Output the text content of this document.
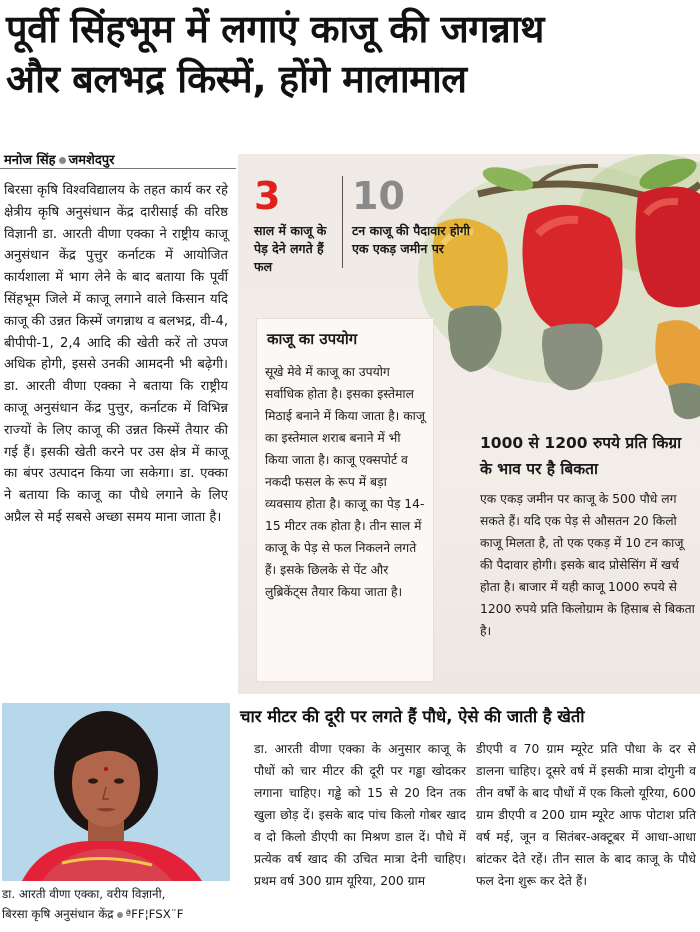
पूर्वी सिंहभूम में लगाएं काजू की जगन्नाथ
और बलभद्र किस्में, होंगे मालामाल
मनोज सिंह जमशेदपुर
बिरसा कृषि विश्वविद्यालय के तहत कार्य कर रहे क्षेत्रीय कृषि अनुसंधान केंद्र दारीसाई की वरिष्ठ विज्ञानी डा. आरती वीणा एक्का ने राष्ट्रीय काजू अनुसंधान केंद्र पुत्तुर कर्नाटक में आयोजित कार्यशाला में भाग लेने के बाद बताया कि पूर्वी सिंहभूम जिले में काजू लगाने वाले किसान यदि काजू की उन्नत किस्में जगन्नाथ व बलभद्र, वी-4, बीपीपी-1, 2,4 आदि की खेती करें तो उपज अधिक होगी, इससे उनकी आमदनी भी बढ़ेगी। डा. आरती वीणा एक्का ने बताया कि राष्ट्रीय काजू अनुसंधान केंद्र पुत्तुर, कर्नाटक में विभिन्न राज्यों के लिए काजू की उन्नत किस्में तैयार की गई हैं। इसकी खेती करने पर उस क्षेत्र में काजू का बंपर उत्पादन किया जा सकेगा। डा. एक्का ने बताया कि काजू का पौधे लगाने के लिए अप्रैल से मई सबसे अच्छा समय माना जाता है।
डा. आरती वीणा एक्का, वरीय विज्ञानी,
बिरसा कृषि अनुसंधान केंद्र ªFF¦FSX¨F
3
साल में काजू के पेड़ देने लगते हैं फल
10
टन काजू की पैदावार होगी एक एकड़ जमीन पर
काजू का उपयोग
सूखे मेवे में काजू का उपयोग सर्वाधिक होता है। इसका इस्तेमाल मिठाई बनाने में किया जाता है। काजू का इस्तेमाल शराब बनाने में भी किया जाता है। काजू एक्सपोर्ट व नकदी फसल के रूप में बड़ा व्यवसाय होता है। काजू का पेड़ 14-15 मीटर तक होता है। तीन साल में काजू के पेड़ से फल निकलने लगते हैं। इसके छिलके से पेंट और लुब्रिकेंट्स तैयार किया जाता है।
1000 से 1200 रुपये प्रति किग्रा के भाव पर है बिकता
एक एकड़ जमीन पर काजू के 500 पौधे लग सकते हैं। यदि एक पेड़ से औसतन 20 किलो काजू मिलता है, तो एक एकड़ में 10 टन काजू की पैदावार होगी। इसके बाद प्रोसेसिंग में खर्च होता है। बाजार में यही काजू 1000 रुपये से 1200 रुपये प्रति किलोग्राम के हिसाब से बिकता है।
चार मीटर की दूरी पर लगते हैं पौधे, ऐसे की जाती है खेती
डा. आरती वीणा एक्का के अनुसार काजू के पौधों को चार मीटर की दूरी पर गड्ढा खोदकर लगाना चाहिए। गड्ढे को 15 से 20 दिन तक खुला छोड़ दें। इसके बाद पांच किलो गोबर खाद व दो किलो डीएपी का मिश्रण डाल दें। पौधे में प्रत्येक वर्ष खाद की उचित मात्रा देनी चाहिए। प्रथम वर्ष 300 ग्राम यूरिया, 200 ग्राम
डीएपी व 70 ग्राम म्यूरेट प्रति पौधा के दर से डालना चाहिए। दूसरे वर्ष में इसकी मात्रा दोगुनी व तीन वर्षों के बाद पौधों में एक किलो यूरिया, 600 ग्राम डीएपी व 200 ग्राम म्यूरेट आफ पोटाश प्रति वर्ष मई, जून व सितंबर-अक्टूबर में आधा-आधा बांटकर देते रहें। तीन साल के बाद काजू के पौधे फल देना शुरू कर देते हैं।
